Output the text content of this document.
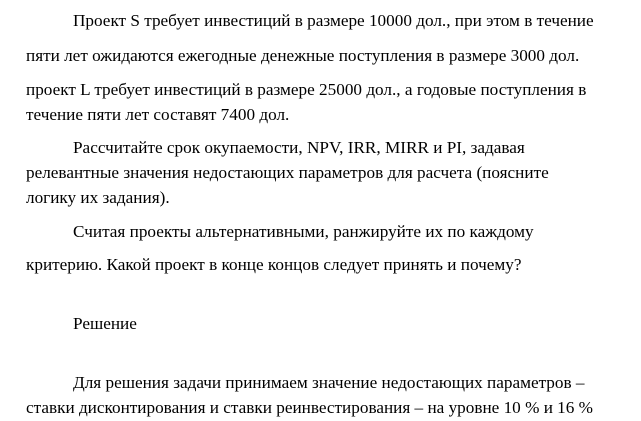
Проект S требует инвестиций в размере 10000 дол., при этом в течение
пяти лет ожидаются ежегодные денежные поступления в размере 3000 дол.
проект L требует инвестиций в размере 25000 дол., а годовые поступления в
течение пяти лет составят 7400 дол.
Рассчитайте срок окупаемости, NPV, IRR, MIRR и PI, задавая
релевантные значения недостающих параметров для расчета (поясните
логику их задания).
Считая проекты альтернативными, ранжируйте их по каждому
критерию. Какой проект в конце концов следует принять и почему?
Решение
Для решения задачи принимаем значение недостающих параметров –
ставки дисконтирования и ставки реинвестирования – на уровне 10 % и 16 %
